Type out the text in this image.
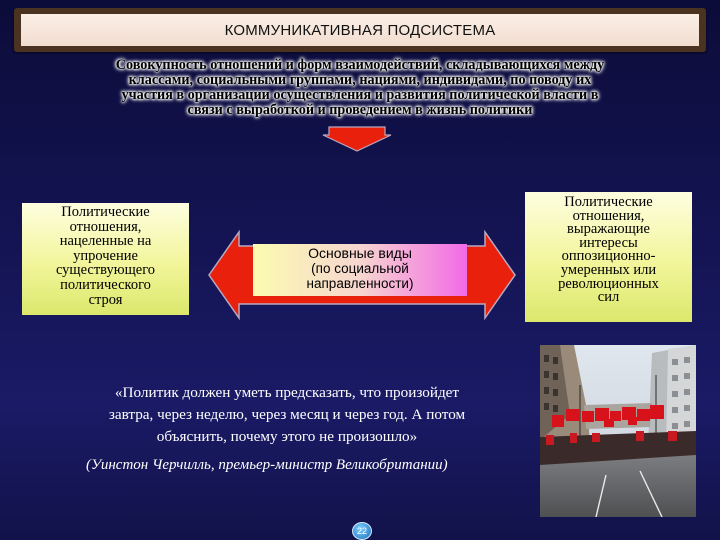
КОММУНИКАТИВНАЯ ПОДСИСТЕМА
Совокупность отношений и форм взаимодействий, складывающихся между
классами, социальными группами, нациями, индивидами, по поводу их
участия в организации осуществления и развития политической власти в
связи с выработкой и проведением в жизнь политики
Политические
отношения,
нацеленные на
упрочение
существующего
политического
строя
Основные виды
(по социальной
направленности)
Политические
отношения,
выражающие
интересы
оппозиционно-
умеренных или
революционных
сил
«Политик должен уметь предсказать, что произойдет
завтра, через неделю, через месяц и через год. А потом
объяснить, почему этого не произошло»
(Уинстон Черчилль, премьер-министр Великобритании)
22
